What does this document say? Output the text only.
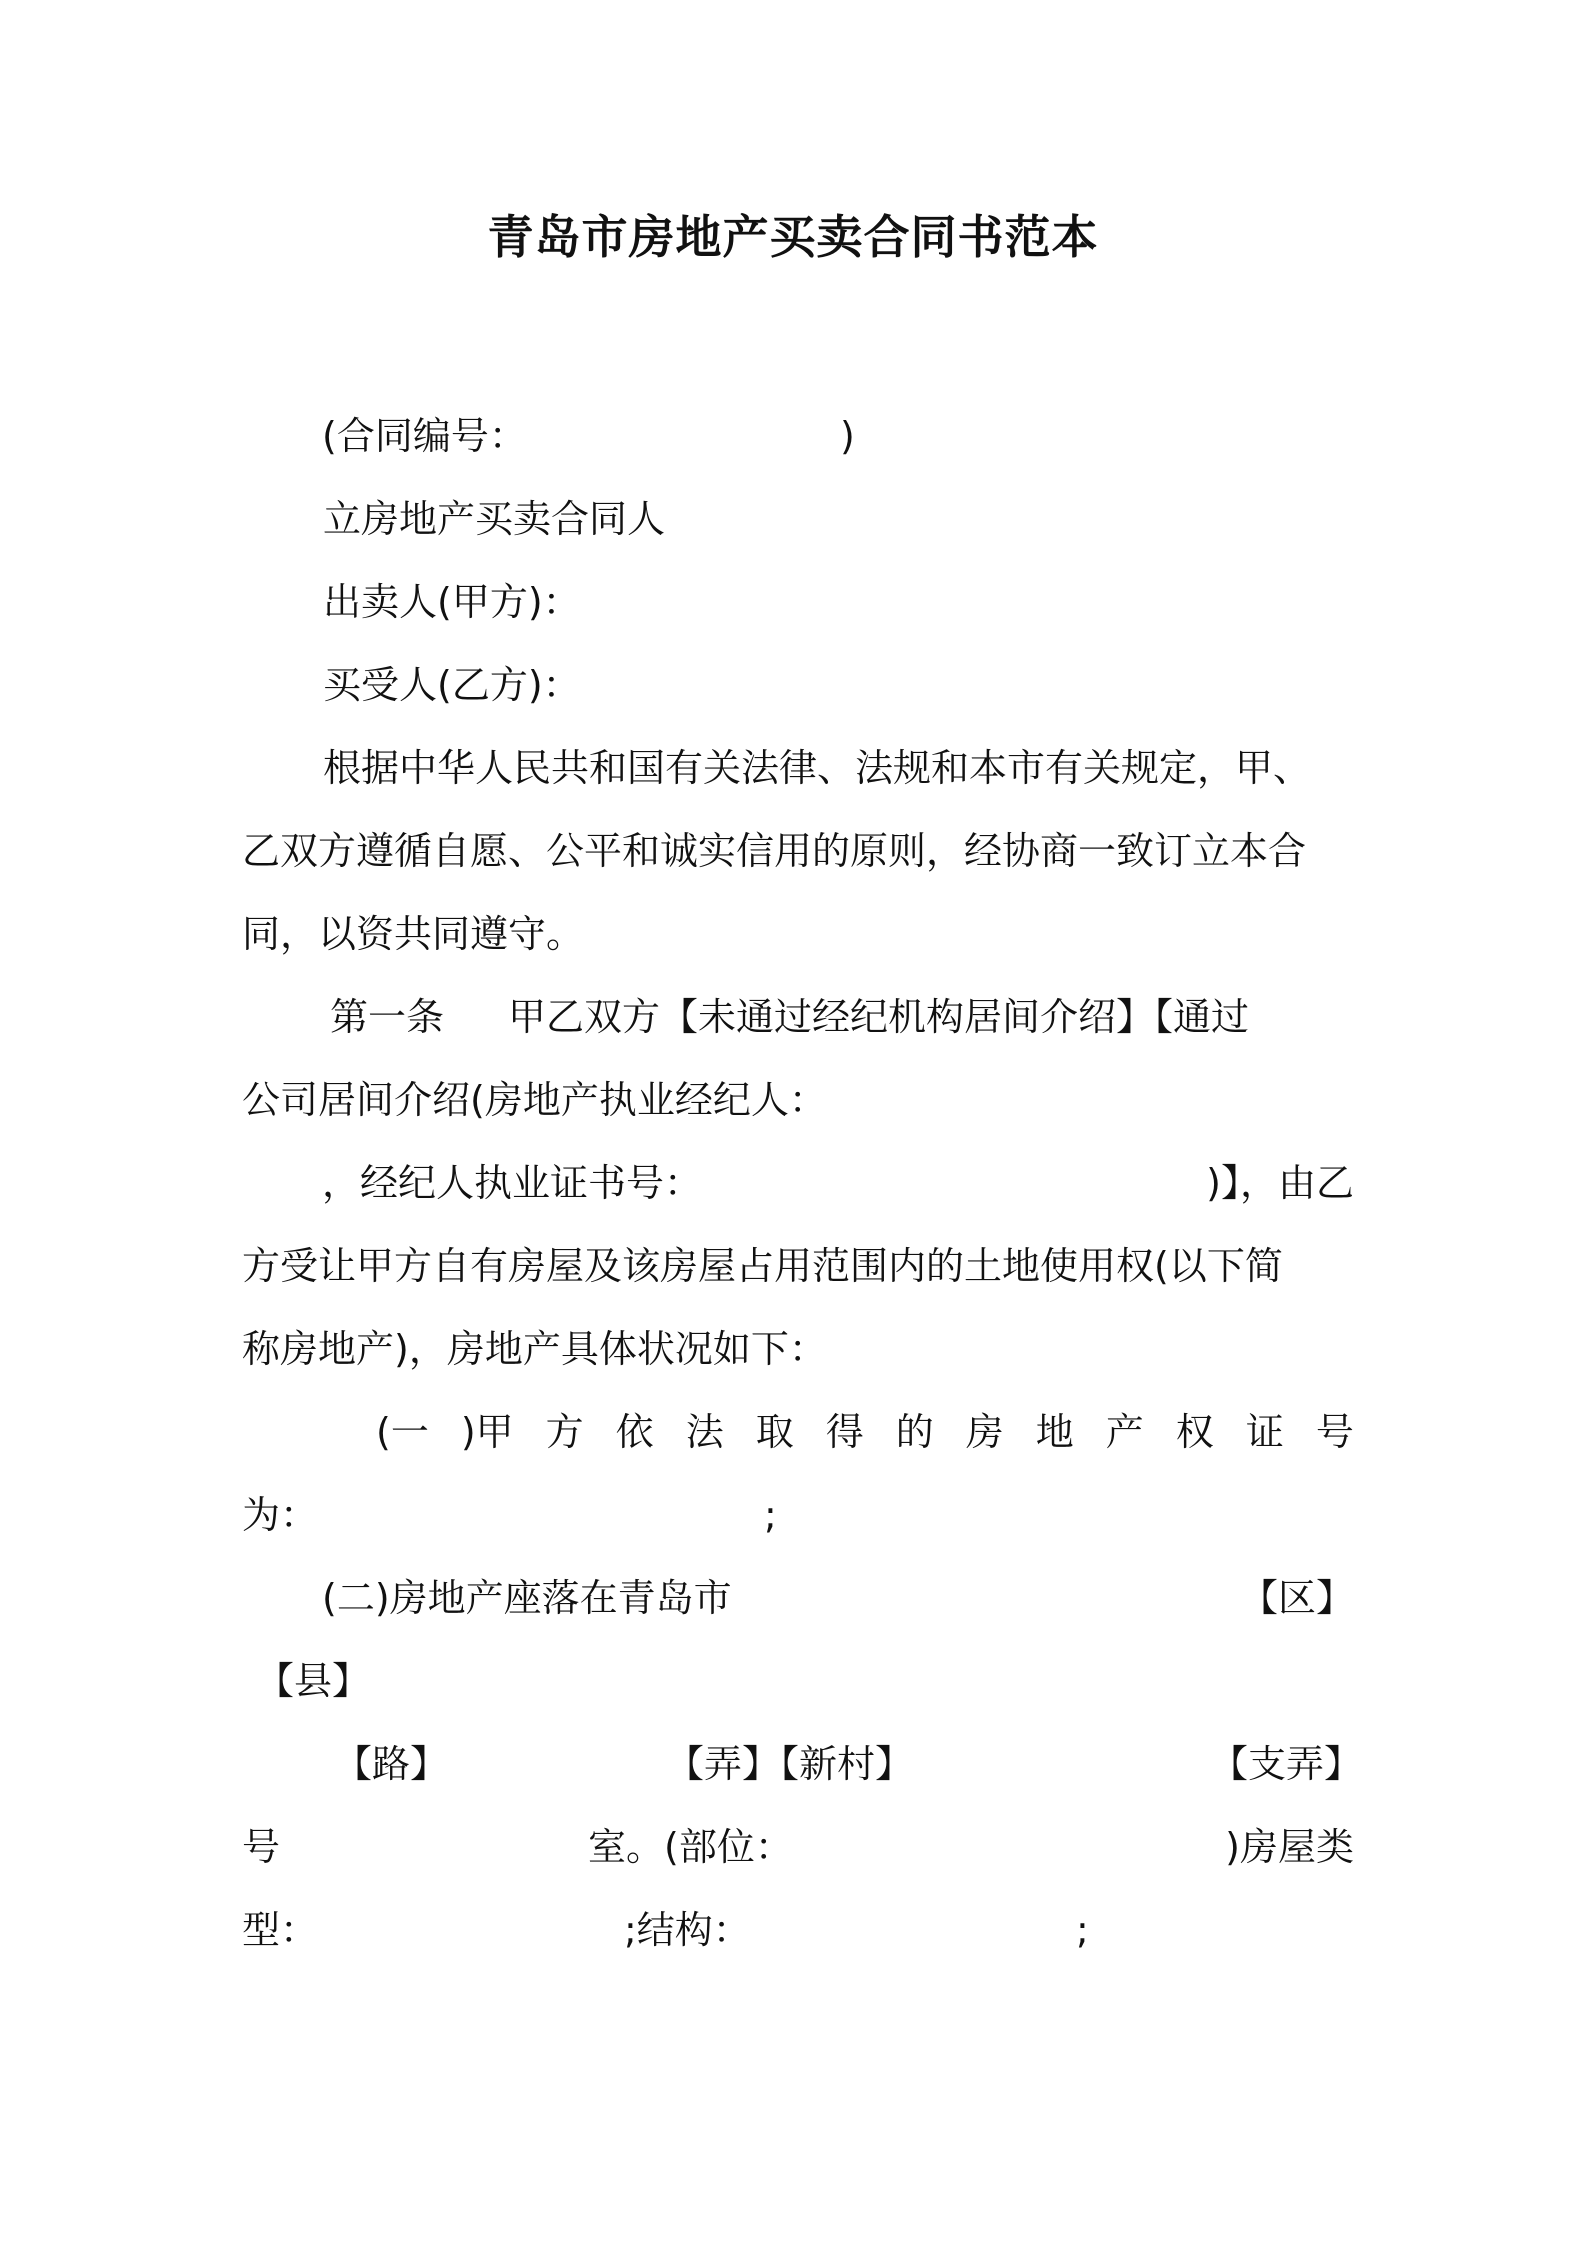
青岛市房地产买卖合同书范本
(合同编号：	)
立房地产买卖合同人
出卖人(甲方)：
买受人(乙方)：
根据中华人民共和国有关法律、法规和本市有关规定，甲、
乙双方遵循自愿、公平和诚实信用的原则，经协商一致订立本合
同，以资共同遵守。
第一条 甲乙双方【未通过经纪机构居间介绍】【通过
公司居间介绍(房地产执业经纪人：
，经纪人执业证书号：	)】，由乙
方受让甲方自有房屋及该房屋占用范围内的土地使用权(以下简
称房地产)，房地产具体状况如下：
(一 )甲 方 依 法 取 得 的 房 地 产 权 证 号
为：	;
(二)房地产座落在青岛市	【区】
【县】
【路】	【弄】【新村】	【支弄】
号	室。(部位：	)房屋类
型：	;结构：	;
